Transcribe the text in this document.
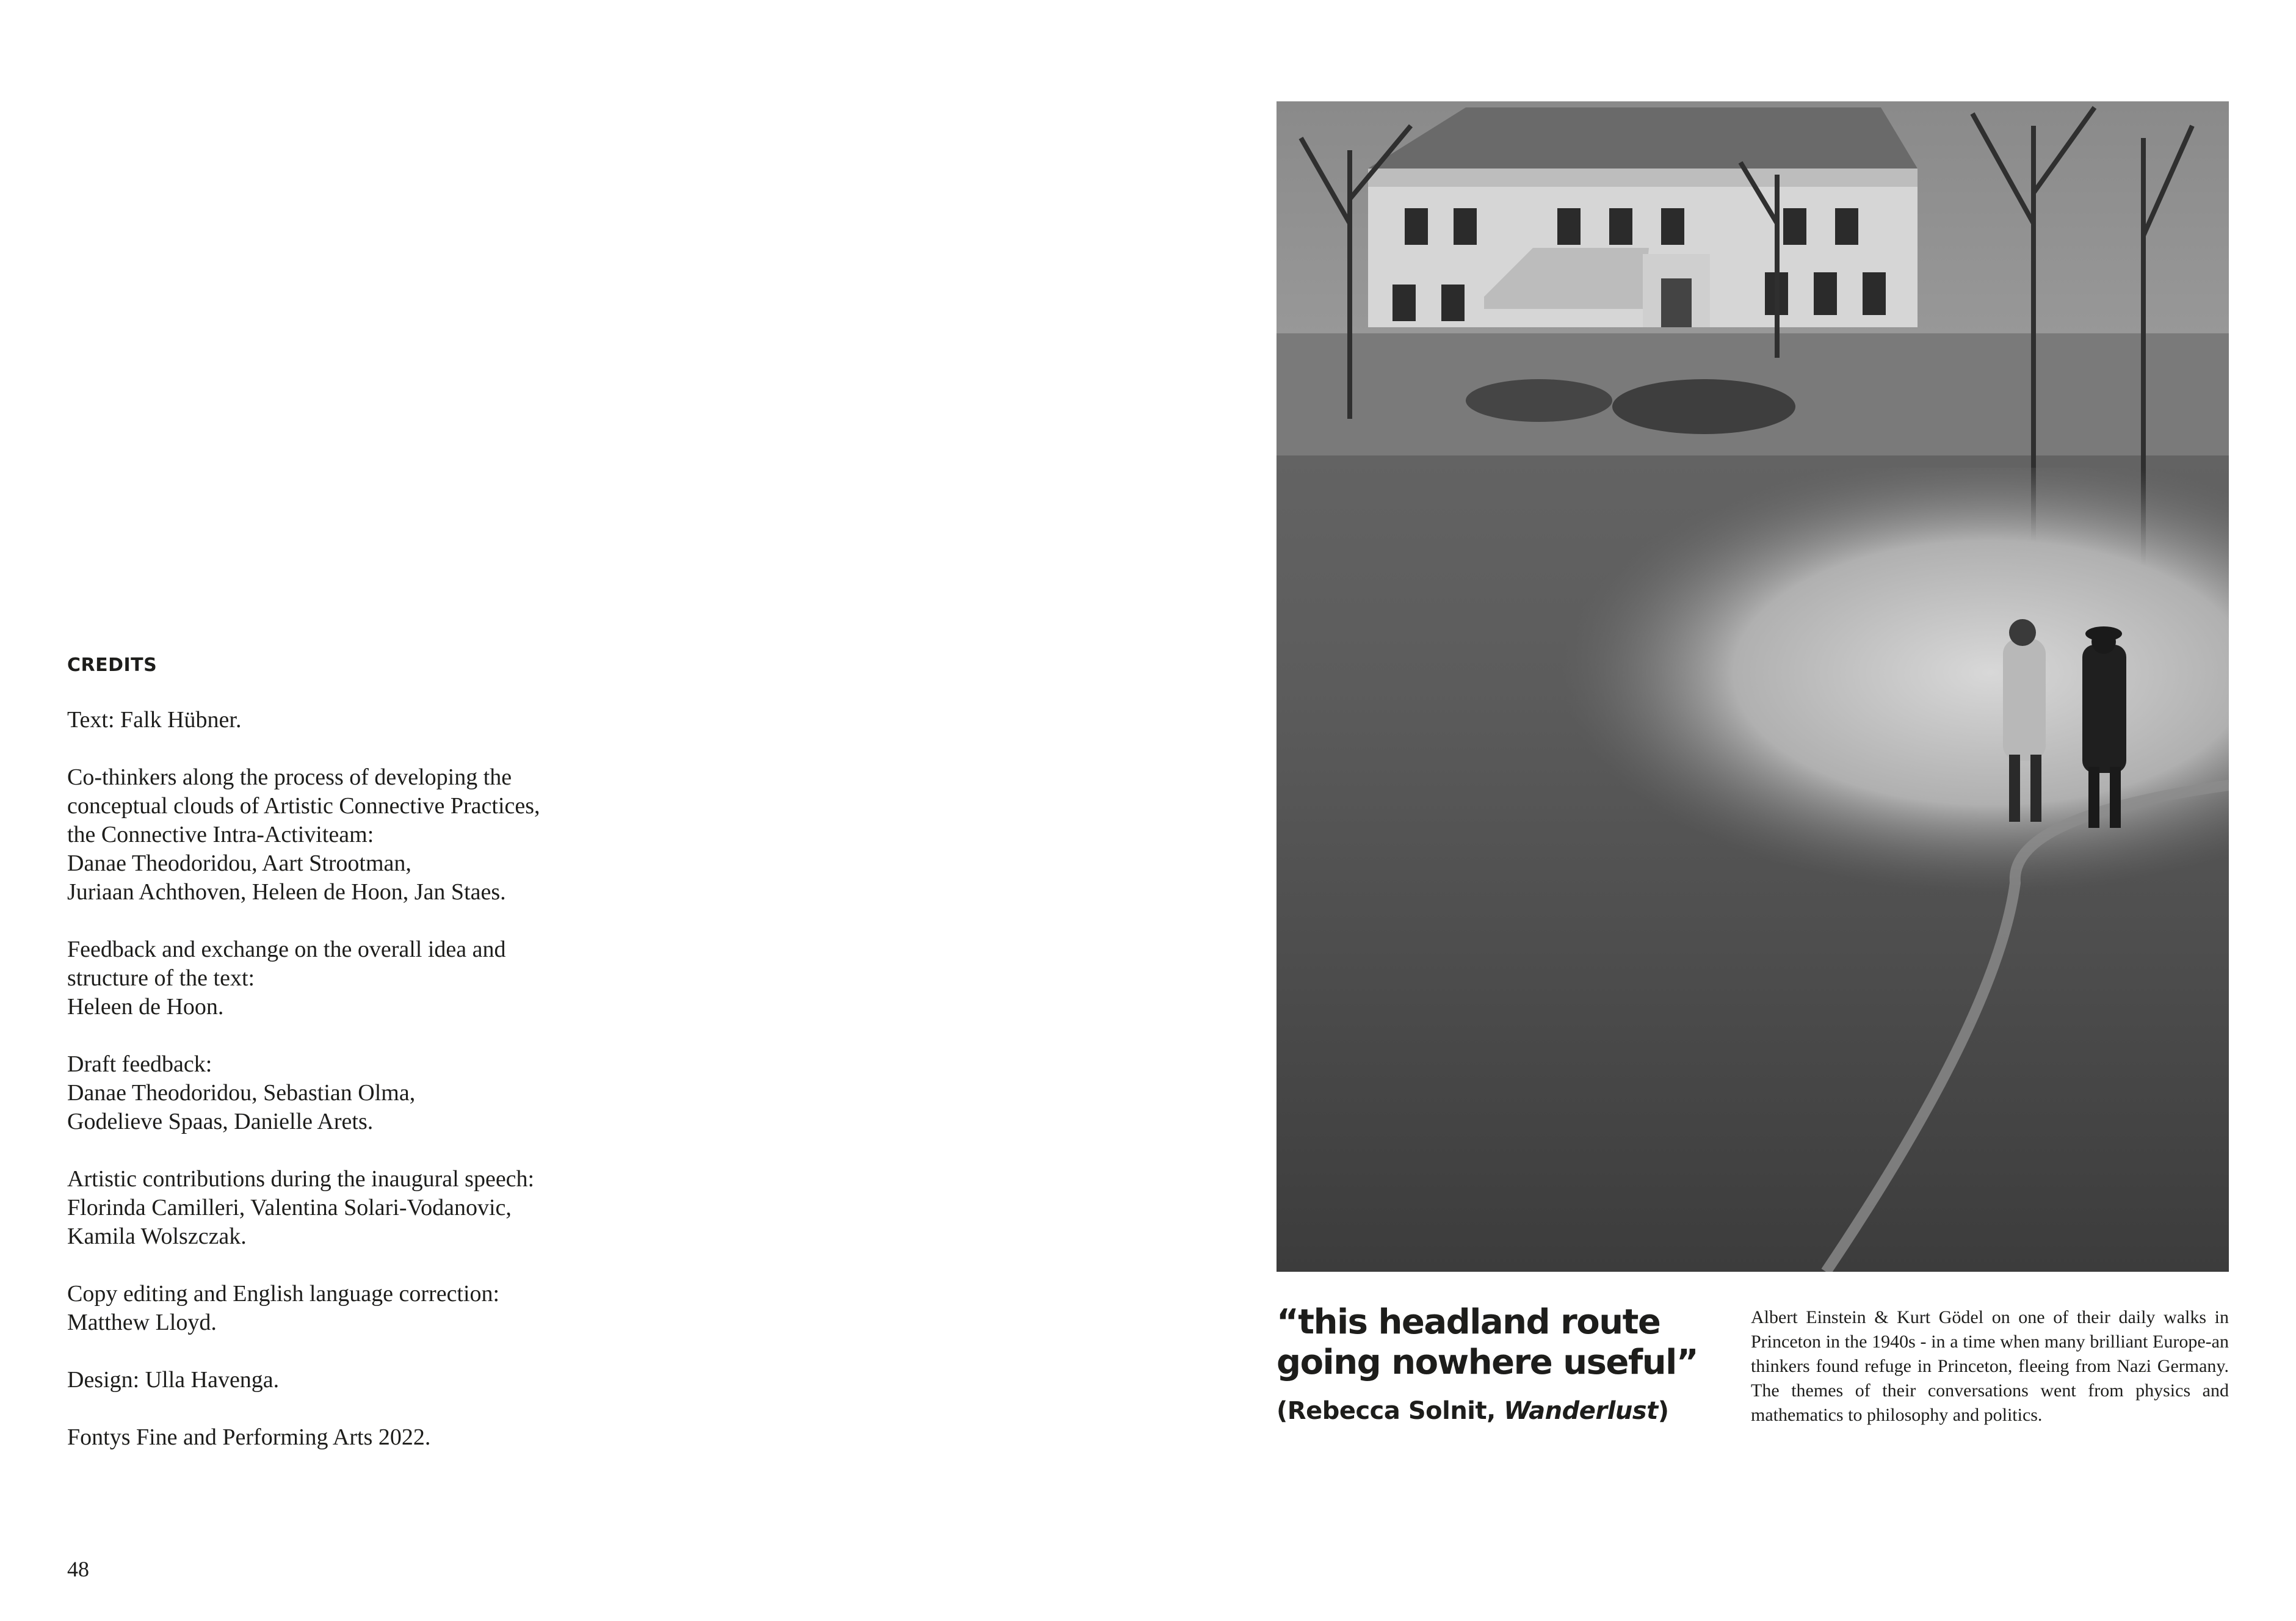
CREDITS

Text: Falk Hübner.

Co-thinkers along the process of developing the
conceptual clouds of Artistic Connective Practices,
the Connective Intra-Activiteam:
Danae Theodoridou, Aart Strootman,
Juriaan Achthoven, Heleen de Hoon, Jan Staes.

Feedback and exchange on the overall idea and
structure of the text:
Heleen de Hoon.

Draft feedback:
Danae Theodoridou, Sebastian Olma,
Godelieve Spaas, Danielle Arets.

Artistic contributions during the inaugural speech:
Florinda Camilleri, Valentina Solari-Vodanovic,
Kamila Wolszczak.

Copy editing and English language correction:
Matthew Lloyd.

Design: Ulla Havenga.

Fontys Fine and Performing Arts 2022.

48

“this headland route going nowhere useful”

(Rebecca Solnit, Wanderlust)

Albert Einstein & Kurt Gödel on one of their daily walks in Princeton in the 1940s - in a time when many brilliant Europe-an thinkers found refuge in Princeton, fleeing from Nazi Germany. The themes of their conversations went from physics and mathematics to philosophy and politics.
